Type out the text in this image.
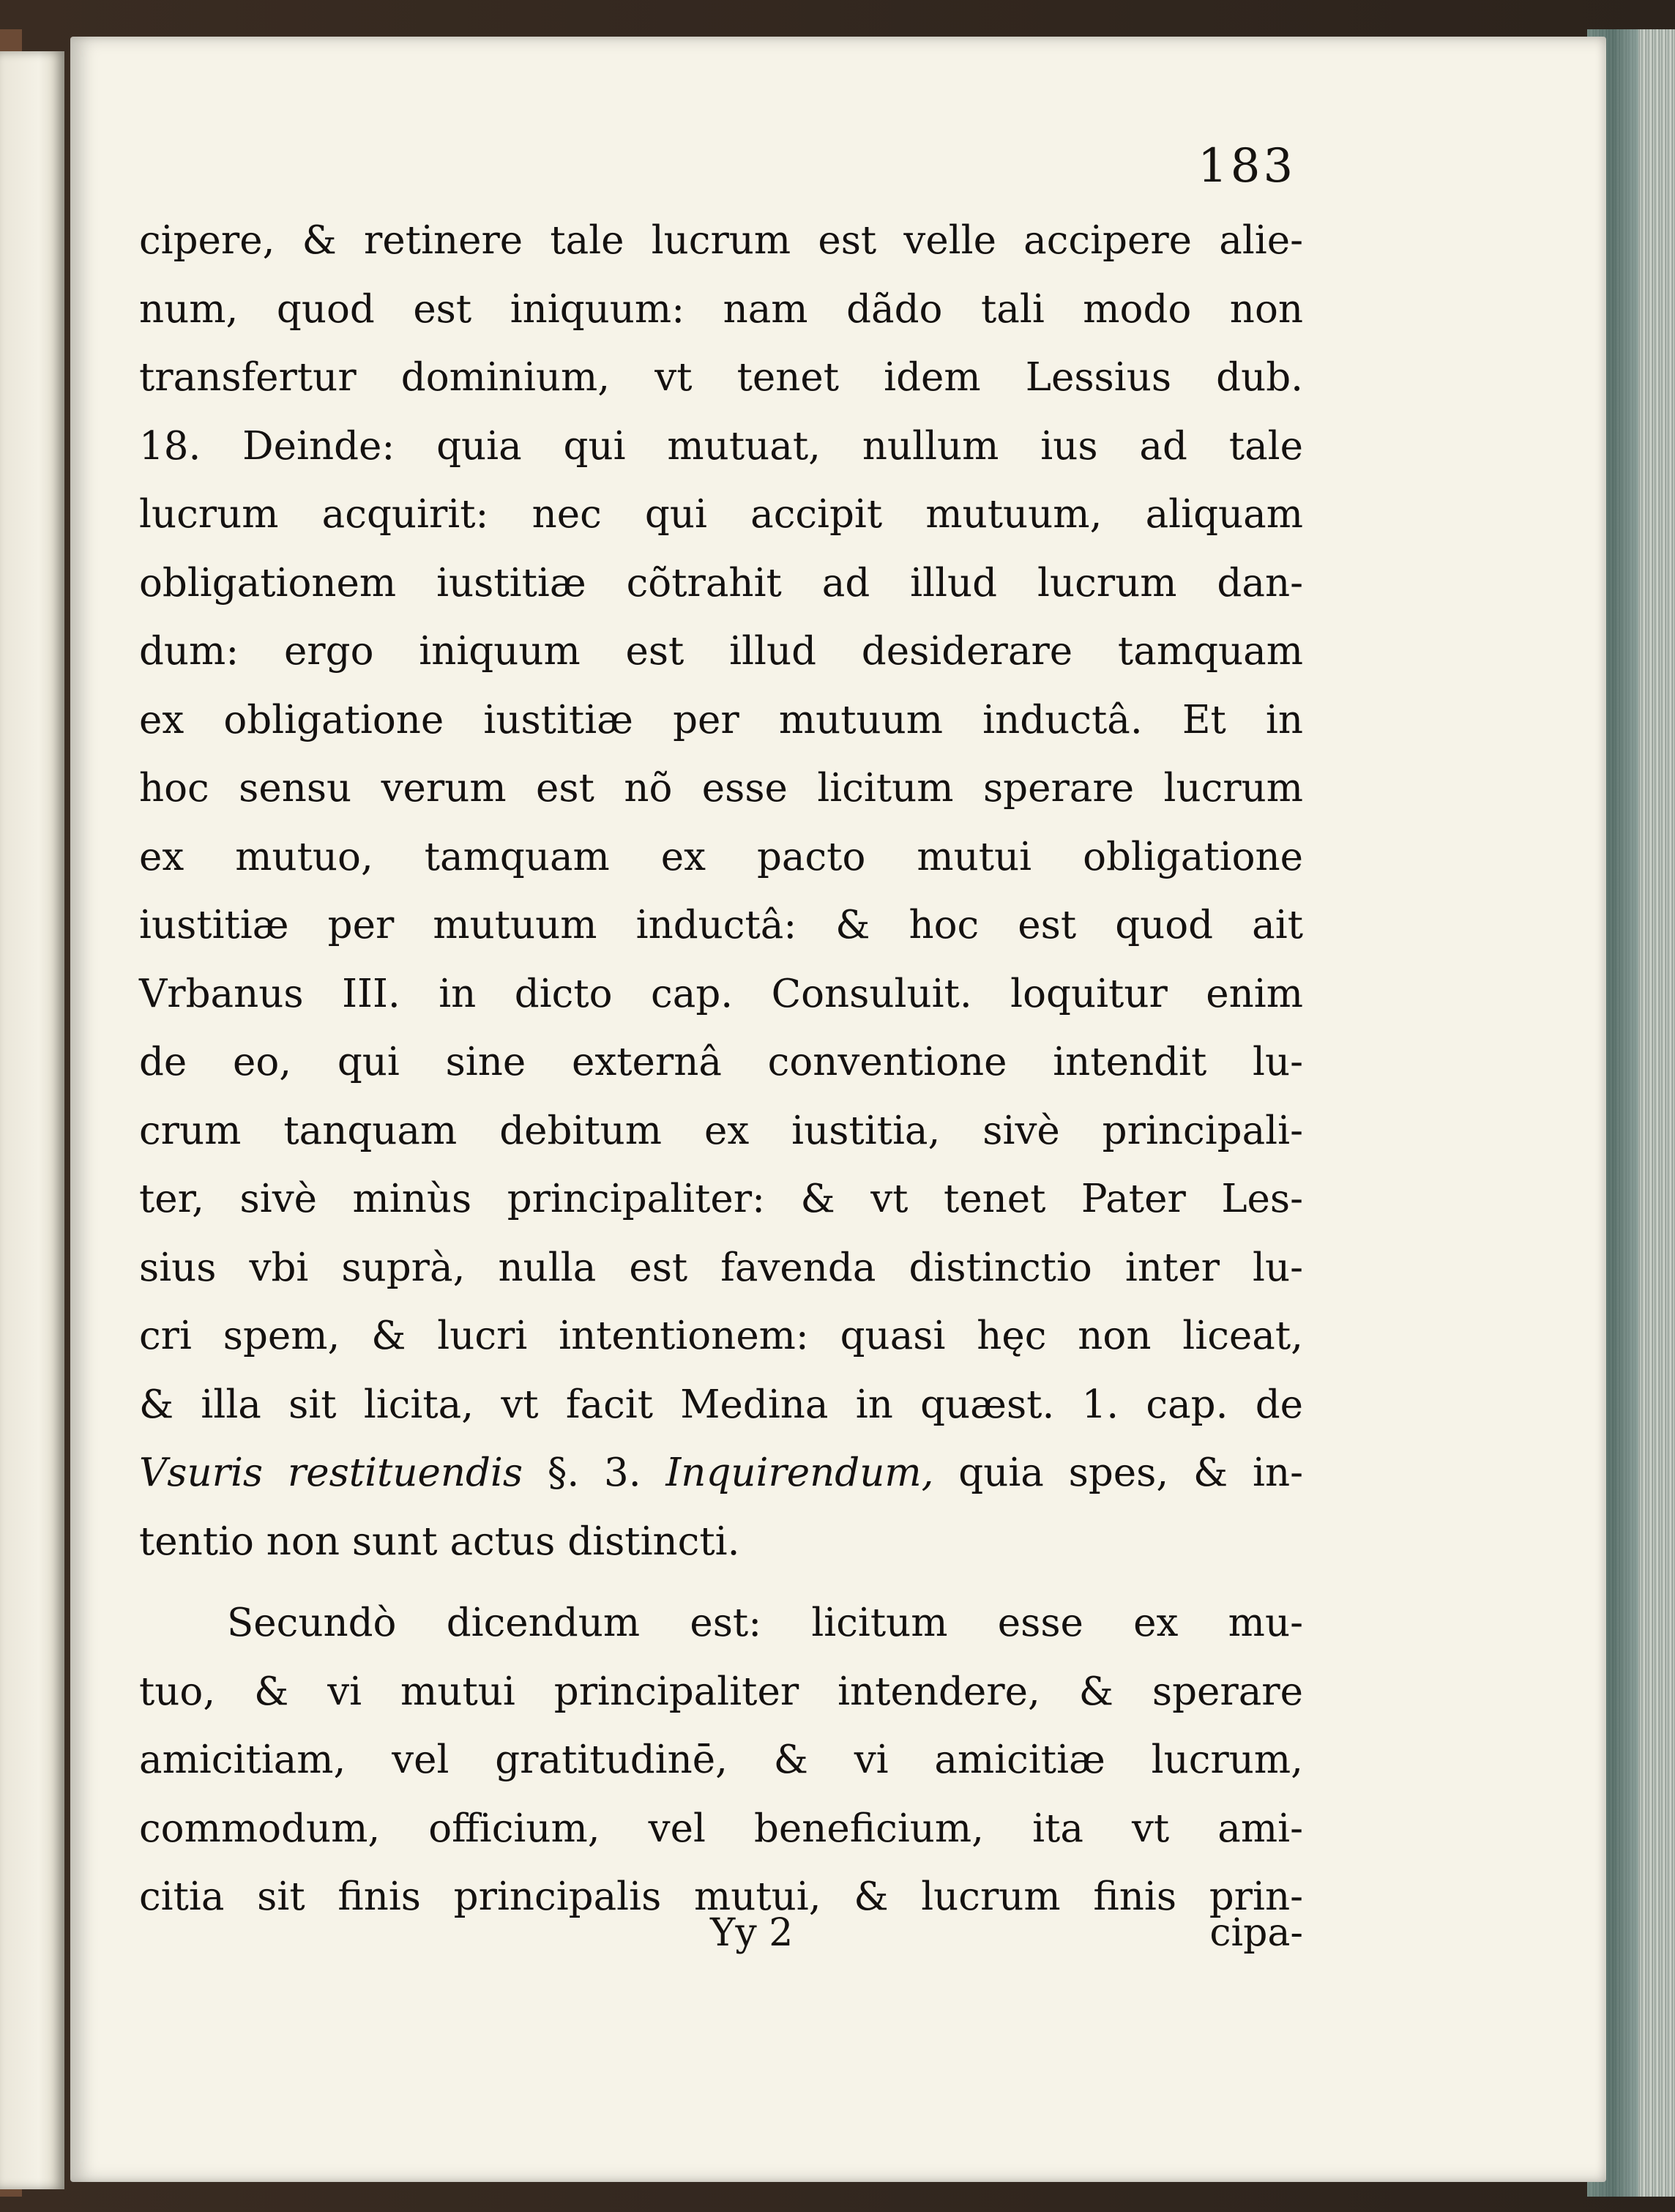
183
cipere, & retinere tale lucrum est velle accipere alie-
num, quod est iniquum: nam dãdo tali modo non
transfertur dominium, vt tenet idem Lessius dub.
18. Deinde: quia qui mutuat, nullum ius ad tale
lucrum acquirit: nec qui accipit mutuum, aliquam
obligationem iustitiæ cõtrahit ad illud lucrum dan-
dum: ergo iniquum est illud desiderare tamquam
ex obligatione iustitiæ per mutuum inductâ. Et in
hoc sensu verum est nõ esse licitum sperare lucrum
ex mutuo, tamquam ex pacto mutui obligatione
iustitiæ per mutuum inductâ: & hoc est quod ait
Vrbanus III. in dicto cap. Consuluit. loquitur enim
de eo, qui sine externâ conventione intendit lu-
crum tanquam debitum ex iustitia, sivè principali-
ter, sivè minùs principaliter: & vt tenet Pater Les-
sius vbi suprà, nulla est favenda distinctio inter lu-
cri spem, & lucri intentionem: quasi hęc non liceat,
& illa sit licita, vt facit Medina in quæst. 1. cap. de
Vsuris restituendis §. 3. Inquirendum, quia spes, & in-
tentio non sunt actus distincti.
Secundò dicendum est: licitum esse ex mu-
tuo, & vi mutui principaliter intendere, & sperare
amicitiam, vel gratitudinē, & vi amicitiæ lucrum,
commodum, officium, vel beneficium, ita vt ami-
citia sit finis principalis mutui, & lucrum finis prin-
Yy 2	cipa-
